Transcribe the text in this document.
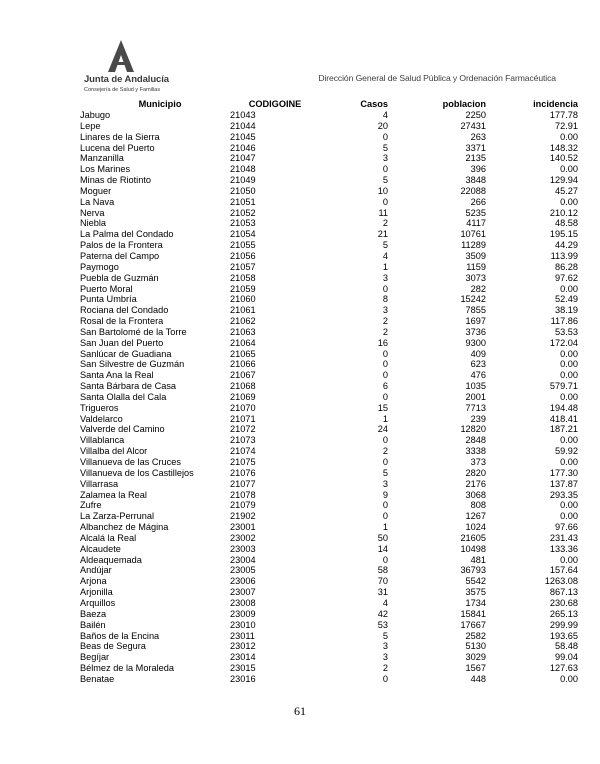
Junta de Andalucía
Consejería de Salud y Familias
Dirección General de Salud Pública y Ordenación Farmacéutica
Municipio	CODIGOINE	Casos	poblacion	incidencia
Jabugo	21043	4	2250	177.78
Lepe	21044	20	27431	72.91
Linares de la Sierra	21045	0	263	0.00
Lucena del Puerto	21046	5	3371	148.32
Manzanilla	21047	3	2135	140.52
Los Marines	21048	0	396	0.00
Minas de Riotinto	21049	5	3848	129.94
Moguer	21050	10	22088	45.27
La Nava	21051	0	266	0.00
Nerva	21052	11	5235	210.12
Niebla	21053	2	4117	48.58
La Palma del Condado	21054	21	10761	195.15
Palos de la Frontera	21055	5	11289	44.29
Paterna del Campo	21056	4	3509	113.99
Paymogo	21057	1	1159	86.28
Puebla de Guzmán	21058	3	3073	97.62
Puerto Moral	21059	0	282	0.00
Punta Umbría	21060	8	15242	52.49
Rociana del Condado	21061	3	7855	38.19
Rosal de la Frontera	21062	2	1697	117.86
San Bartolomé de la Torre	21063	2	3736	53.53
San Juan del Puerto	21064	16	9300	172.04
Sanlúcar de Guadiana	21065	0	409	0.00
San Silvestre de Guzmán	21066	0	623	0.00
Santa Ana la Real	21067	0	476	0.00
Santa Bárbara de Casa	21068	6	1035	579.71
Santa Olalla del Cala	21069	0	2001	0.00
Trigueros	21070	15	7713	194.48
Valdelarco	21071	1	239	418.41
Valverde del Camino	21072	24	12820	187.21
Villablanca	21073	0	2848	0.00
Villalba del Alcor	21074	2	3338	59.92
Villanueva de las Cruces	21075	0	373	0.00
Villanueva de los Castillejos	21076	5	2820	177.30
Villarrasa	21077	3	2176	137.87
Zalamea la Real	21078	9	3068	293.35
Zufre	21079	0	808	0.00
La Zarza-Perrunal	21902	0	1267	0.00
Albanchez de Mágina	23001	1	1024	97.66
Alcalá la Real	23002	50	21605	231.43
Alcaudete	23003	14	10498	133.36
Aldeaquemada	23004	0	481	0.00
Andújar	23005	58	36793	157.64
Arjona	23006	70	5542	1263.08
Arjonilla	23007	31	3575	867.13
Arquillos	23008	4	1734	230.68
Baeza	23009	42	15841	265.13
Bailén	23010	53	17667	299.99
Baños de la Encina	23011	5	2582	193.65
Beas de Segura	23012	3	5130	58.48
Begíjar	23014	3	3029	99.04
Bélmez de la Moraleda	23015	2	1567	127.63
Benatae	23016	0	448	0.00
61
